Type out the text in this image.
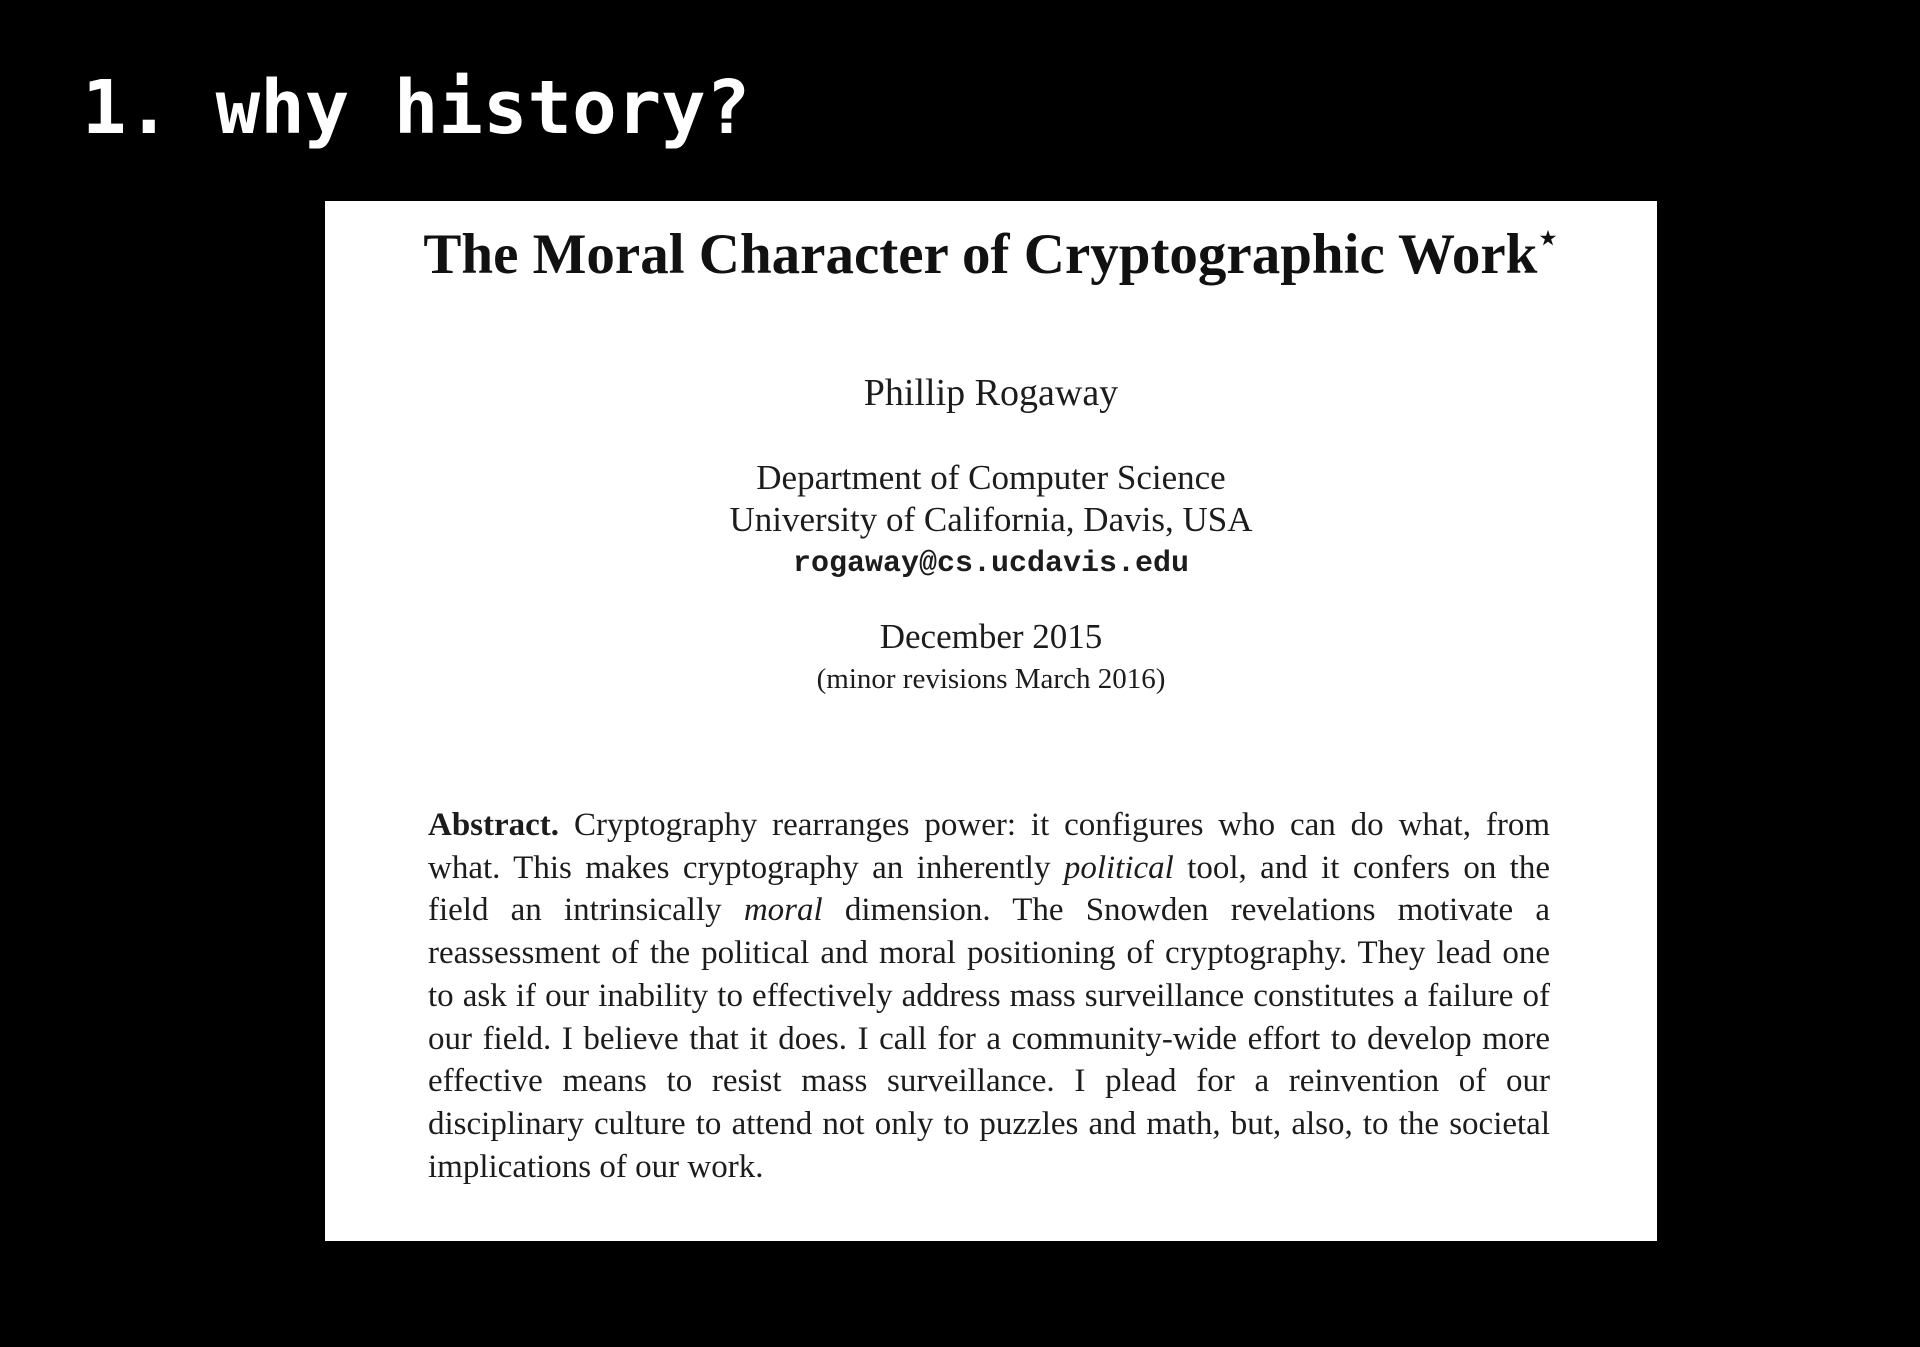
1. why history?
The Moral Character of Cryptographic Work⋆
Phillip Rogaway
Department of Computer Science
University of California, Davis, USA
rogaway@cs.ucdavis.edu
December 2015
(minor revisions March 2016)

Abstract. Cryptography rearranges power: it configures who can do what, from what. This makes cryptography an inherently political tool, and it confers on the field an intrinsically moral dimension. The Snowden revelations motivate a reassessment of the political and moral positioning of cryptography. They lead one to ask if our inability to effectively address mass surveillance constitutes a failure of our field. I believe that it does. I call for a community-wide effort to develop more effective means to resist mass surveillance. I plead for a reinvention of our disciplinary culture to attend not only to puzzles and math, but, also, to the societal implications of our work.
